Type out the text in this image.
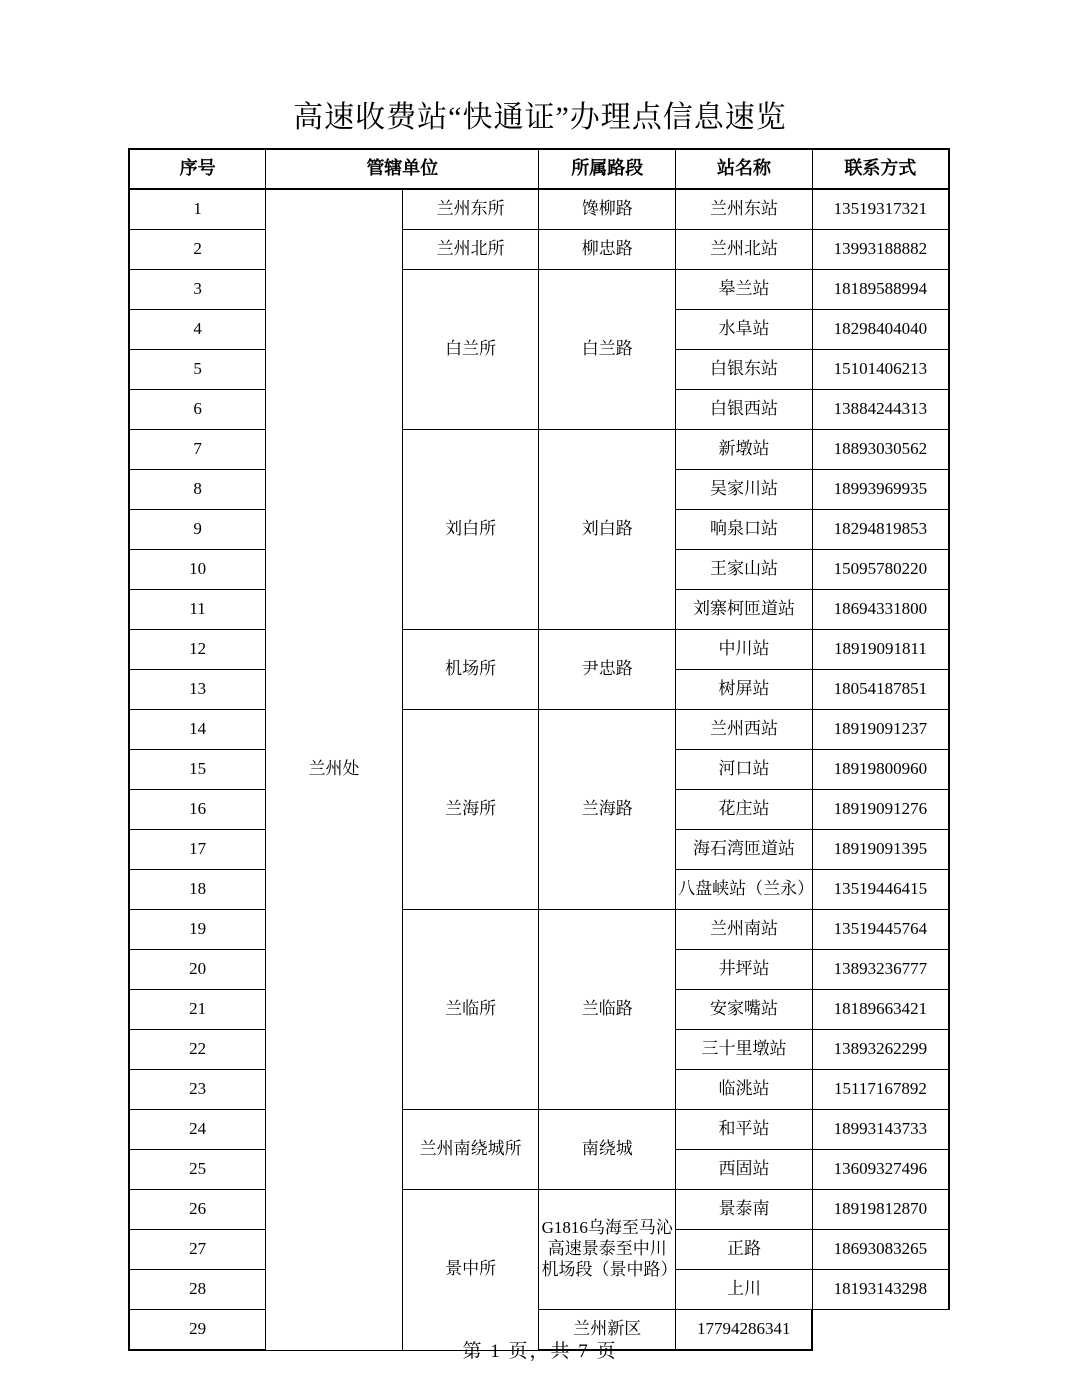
高速收费站“快通证”办理点信息速览
序号	管辖单位		所属路段	站名称	联系方式
1	兰州处	兰州东所	馋柳路	兰州东站	13519317321
2		兰州北所	柳忠路	兰州北站	13993188882
3		白兰所	白兰路	皋兰站	18189588994
4				水阜站	18298404040
5				白银东站	15101406213
6				白银西站	13884244313
7		刘白所	刘白路	新墩站	18893030562
8				吴家川站	18993969935
9				响泉口站	18294819853
10				王家山站	15095780220
11				刘寨柯匝道站	18694331800
12		机场所	尹忠路	中川站	18919091811
13				树屏站	18054187851
14		兰海所	兰海路	兰州西站	18919091237
15				河口站	18919800960
16				花庄站	18919091276
17				海石湾匝道站	18919091395
18				八盘峡站（兰永）	13519446415
19		兰临所	兰临路	兰州南站	13519445764
20				井坪站	13893236777
21				安家嘴站	18189663421
22				三十里墩站	13893262299
23				临洮站	15117167892
24		兰州南绕城所	南绕城	和平站	18993143733
25				西固站	13609327496
26		景中所	G1816乌海至马沁高速景泰至中川机场段（景中路）	景泰南	18919812870
27				正路	18693083265
28				上川	18193143298
29			兰州新区	17794286341	
第 1 页，共 7 页
